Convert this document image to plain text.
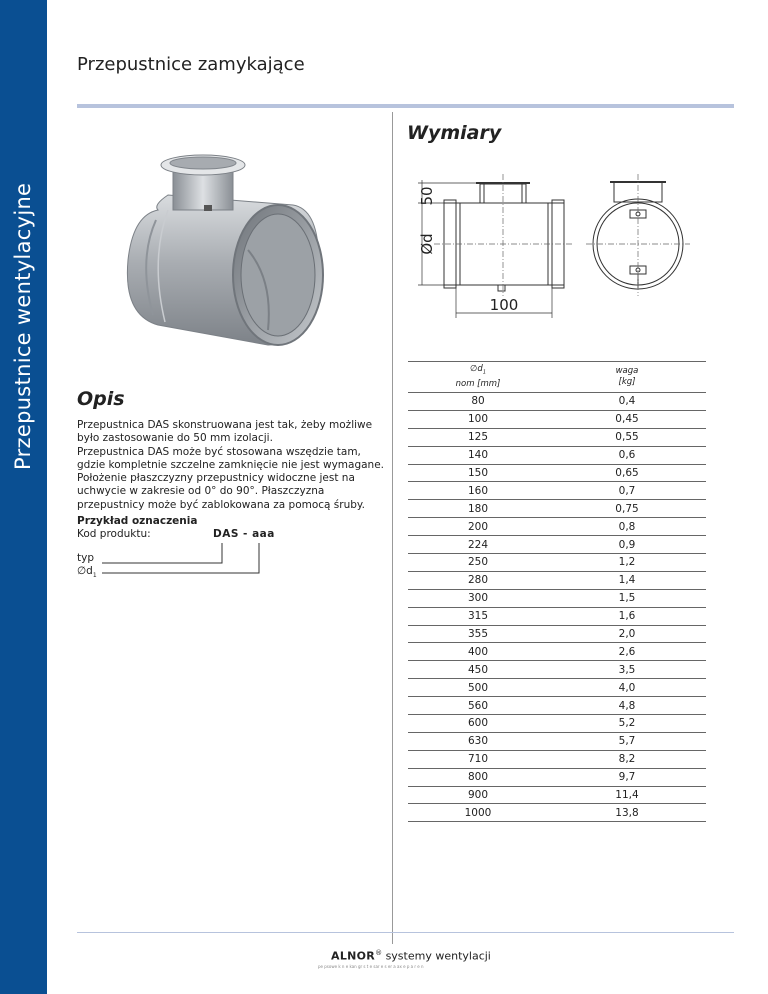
Przepustnice wentylacyjne
Przepustnice zamykające
Wymiary
50
Ød
100
Opis

Przepustnica DAS skonstruowana jest tak, żeby możliwe było zastosowanie do 50 mm izolacji.

Przepustnica DAS może być stosowana wszędzie tam, gdzie kompletnie szczelne zamknięcie nie jest wymagane.

Położenie płaszczyzny przepustnicy widoczne jest na uchwycie w zakresie od 0° do 90°. Płaszczyzna przepustnicy może być zablokowana za pomocą śruby.

Przykład oznaczenia
Kod produktu:	DAS - aaa
typ
$\emptyset d_1$
$\emptyset d_1$
nom [mm]	waga
[kg]
80	0,4
100	0,45
125	0,55
140	0,6
150	0,65
160	0,7
180	0,75
200	0,8
224	0,9
250	1,2
280	1,4
300	1,5
315	1,6
355	2,0
400	2,6
450	3,5
500	4,0
560	4,8
600	5,2
630	5,7
710	8,2
800	9,7
900	11,4
1000	13,8
ALNOR® systemy wentylacji
pe psowe k n e kan gr s t e sar e s er a ax e p a r e n
